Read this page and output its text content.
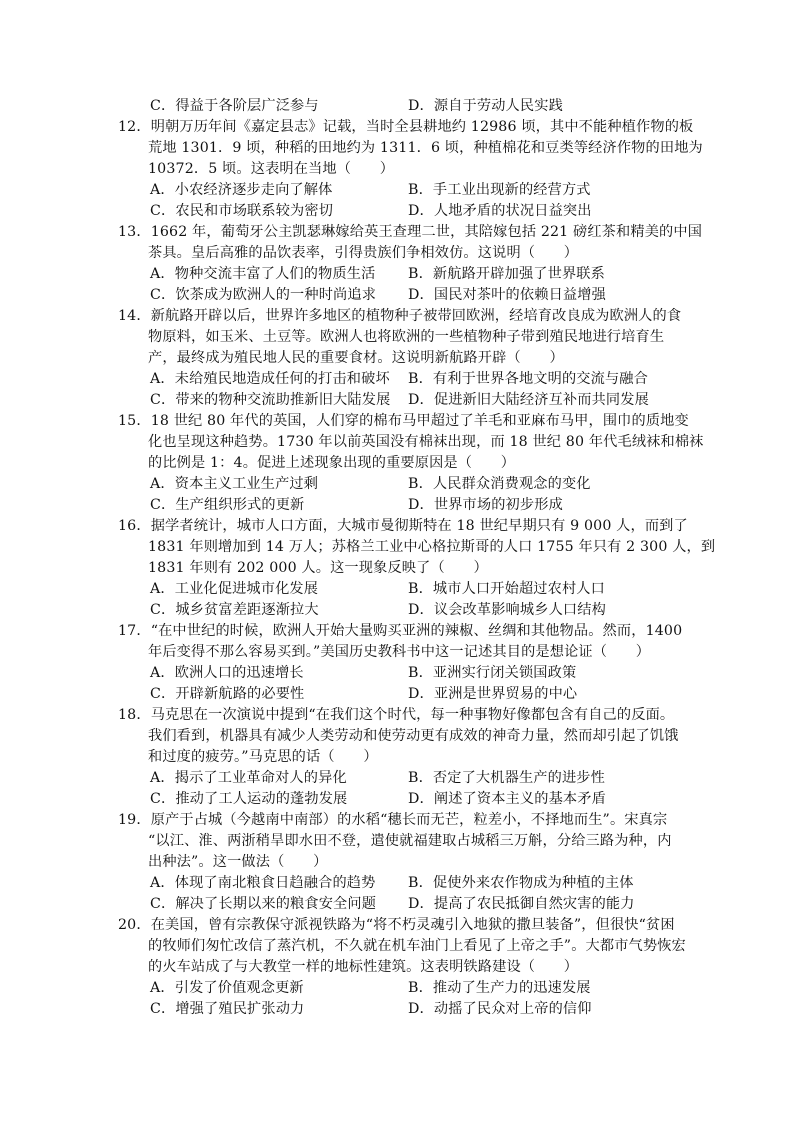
C．得益于各阶层广泛参与	D．源自于劳动人民实践
12．明朝万历年间《嘉定县志》记载，当时全县耕地约 12986 顷，其中不能种植作物的板
荒地 1301．9 顷，种稻的田地约为 1311．6 顷，种植棉花和豆类等经济作物的田地为
10372．5 顷。这表明在当地（　　）
A．小农经济逐步走向了解体	B．手工业出现新的经营方式
C．农民和市场联系较为密切	D．人地矛盾的状况日益突出
13．1662 年，葡萄牙公主凯瑟琳嫁给英王查理二世，其陪嫁包括 221 磅红茶和精美的中国
茶具。皇后高雅的品饮表率，引得贵族们争相效仿。这说明（　　）
A．物种交流丰富了人们的物质生活 B．新航路开辟加强了世界联系
C．饮茶成为欧洲人的一种时尚追求 D．国民对茶叶的依赖日益增强
14．新航路开辟以后，世界许多地区的植物种子被带回欧洲，经培育改良成为欧洲人的食
物原料，如玉米、土豆等。欧洲人也将欧洲的一些植物种子带到殖民地进行培育生
产，最终成为殖民地人民的重要食材。这说明新航路开辟（　　）
A．未给殖民地造成任何的打击和破坏 B．有利于世界各地文明的交流与融合
C．带来的物种交流助推新旧大陆发展 D．促进新旧大陆经济互补而共同发展
15．18 世纪 80 年代的英国，人们穿的棉布马甲超过了羊毛和亚麻布马甲，围巾的质地变
化也呈现这种趋势。1730 年以前英国没有棉袜出现，而 18 世纪 80 年代毛绒袜和棉袜
的比例是 1：4。促进上述现象出现的重要原因是（　　）
A．资本主义工业生产过剩	B．人民群众消费观念的变化
C．生产组织形式的更新	D．世界市场的初步形成
16．据学者统计，城市人口方面，大城市曼彻斯特在 18 世纪早期只有 9 000 人，而到了
1831 年则增加到 14 万人；苏格兰工业中心格拉斯哥的人口 1755 年只有 2 300 人，到
1831 年则有 202 000 人。这一现象反映了（　　）
A．工业化促进城市化发展	B．城市人口开始超过农村人口
C．城乡贫富差距逐渐拉大	D．议会改革影响城乡人口结构
17．“在中世纪的时候，欧洲人开始大量购买亚洲的辣椒、丝绸和其他物品。然而，1400
年后变得不那么容易买到。”美国历史教科书中这一记述其目的是想论证（　　）
A．欧洲人口的迅速增长	B．亚洲实行闭关锁国政策
C．开辟新航路的必要性	D．亚洲是世界贸易的中心
18．马克思在一次演说中提到“在我们这个时代，每一种事物好像都包含有自己的反面。
我们看到，机器具有减少人类劳动和使劳动更有成效的神奇力量，然而却引起了饥饿
和过度的疲劳。”马克思的话（　　）
A．揭示了工业革命对人的异化	B．否定了大机器生产的进步性
C．推动了工人运动的蓬勃发展	D．阐述了资本主义的基本矛盾
19．原产于占城（今越南中南部）的水稻“穗长而无芒，粒差小，不择地而生”。宋真宗
“以江、淮、两浙稍旱即水田不登，遣使就福建取占城稻三万斛，分给三路为种，内
出种法”。这一做法（　　）
A．体现了南北粮食日趋融合的趋势 B．促使外来农作物成为种植的主体
C．解决了长期以来的粮食安全问题 D．提高了农民抵御自然灾害的能力
20．在美国，曾有宗教保守派视铁路为“将不朽灵魂引入地狱的撒旦装备”，但很快“贫困
的牧师们匆忙改信了蒸汽机，不久就在机车油门上看见了上帝之手”。大都市气势恢宏
的火车站成了与大教堂一样的地标性建筑。这表明铁路建设（　　）
A．引发了价值观念更新	B．推动了生产力的迅速发展
C．增强了殖民扩张动力	D．动摇了民众对上帝的信仰
